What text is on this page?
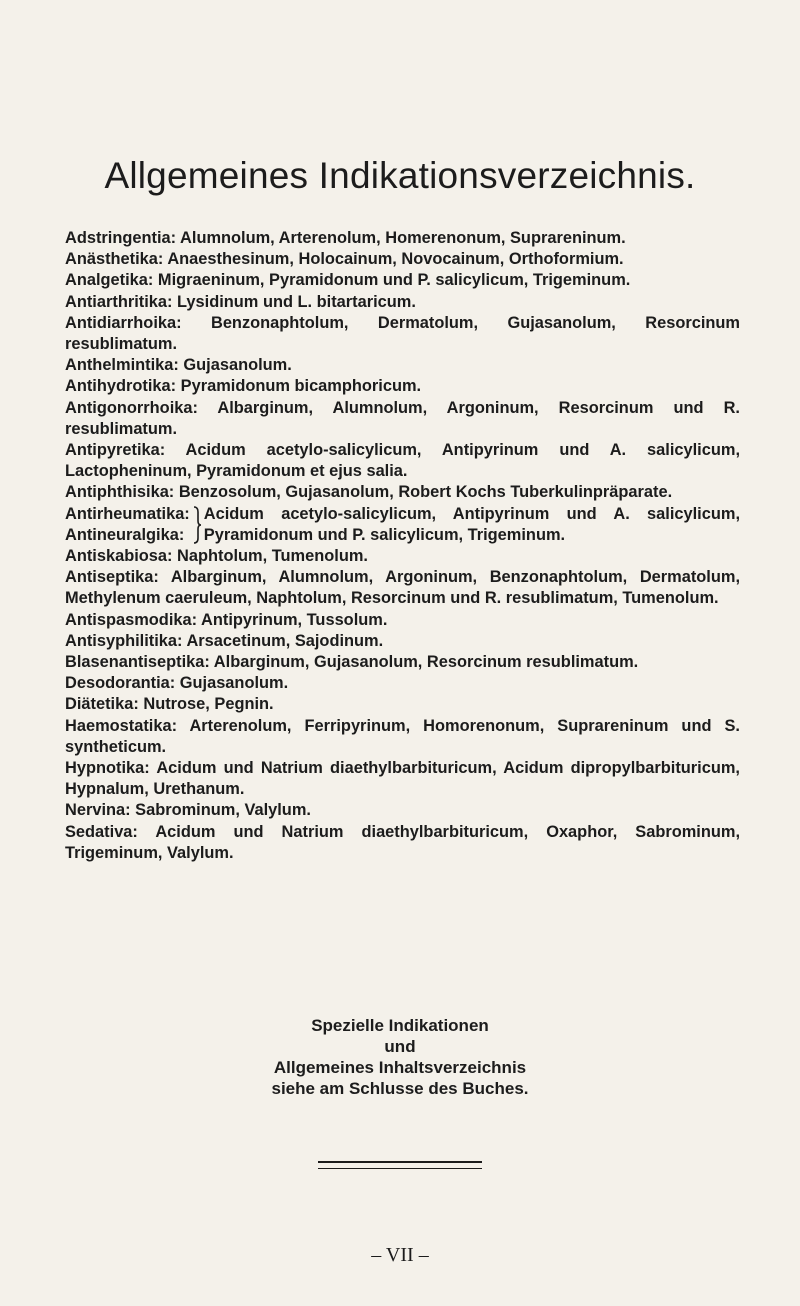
Allgemeines Indikationsverzeichnis.

Adstringentia: Alumnolum, Arterenolum, Homerenonum, Suprareninum.

Anästhetika: Anaesthesinum, Holocainum, Novocainum, Orthoformium.

Analgetika: Migraeninum, Pyramidonum und P. salicylicum, Trigeminum.

Antiarthritika: Lysidinum und L. bitartaricum.

Antidiarrhoika: Benzonaphtolum, Dermatolum, Gujasanolum, Resorcinum resublimatum.

Anthelmintika: Gujasanolum.

Antihydrotika: Pyramidonum bicamphoricum.

Antigonorrhoika: Albarginum, Alumnolum, Argoninum, Resorcinum und R. resublimatum.

Antipyretika: Acidum acetylo-salicylicum, Antipyrinum und A. salicylicum, Lactopheninum, Pyramidonum et ejus salia.

Antiphthisika: Benzosolum, Gujasanolum, Robert Kochs Tuberkulinpräparate.

Antirheumatika:
Antineuralgika:
Acidum acetylo-salicylicum, Antipyrinum und A. salicylicum, Pyramidonum und P. salicylicum, Trigeminum.

Antiskabiosa: Naphtolum, Tumenolum.

Antiseptika: Albarginum, Alumnolum, Argoninum, Benzonaphtolum, Dermatolum, Methylenum caeruleum, Naphtolum, Resorcinum und R. resublimatum, Tumenolum.

Antispasmodika: Antipyrinum, Tussolum.

Antisyphilitika: Arsacetinum, Sajodinum.

Blasenantiseptika: Albarginum, Gujasanolum, Resorcinum resublimatum.

Desodorantia: Gujasanolum.

Diätetika: Nutrose, Pegnin.

Haemostatika: Arterenolum, Ferripyrinum, Homorenonum, Suprareninum und S. syntheticum.

Hypnotika: Acidum und Natrium diaethylbarbituricum, Acidum dipropylbarbituricum, Hypnalum, Urethanum.

Nervina: Sabrominum, Valylum.

Sedativa: Acidum und Natrium diaethylbarbituricum, Oxaphor, Sabrominum, Trigeminum, Valylum.

Spezielle Indikationen
und
Allgemeines Inhaltsverzeichnis
siehe am Schlusse des Buches.
– VII –
